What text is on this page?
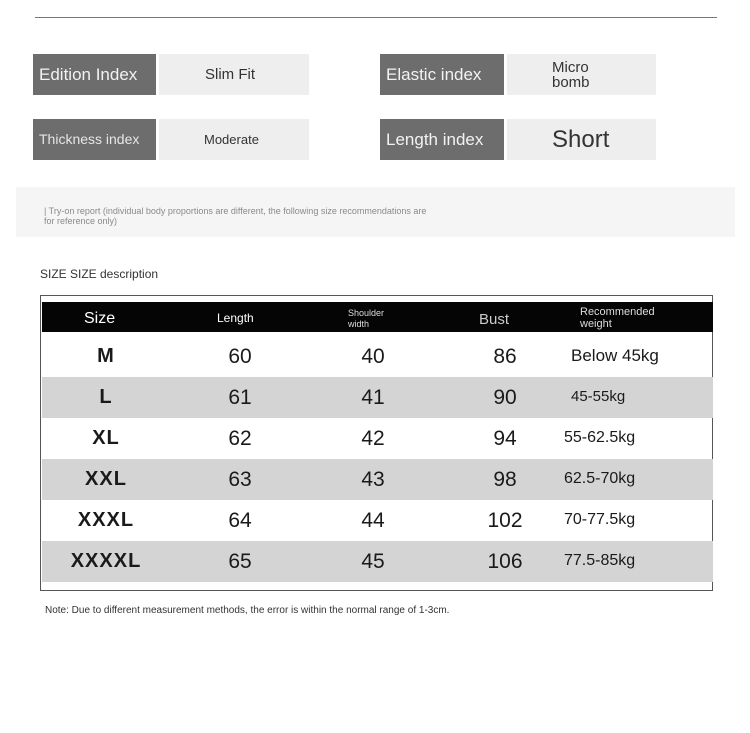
Edition Index	Slim Fit	Elastic index	Micro bomb
Thickness index	Moderate	Length index	Short
| Try-on report (individual body proportions are different, the following size recommendations are for reference only)
SIZE SIZE description
Size	Length	Shoulder width	Bust	Recommended weight
M	60	40	86	Below 45kg
L	61	41	90	45-55kg
XL	62	42	94	55-62.5kg
XXL	63	43	98	62.5-70kg
XXXL	64	44	102	70-77.5kg
XXXXL	65	45	106	77.5-85kg
Note: Due to different measurement methods, the error is within the normal range of 1-3cm.
